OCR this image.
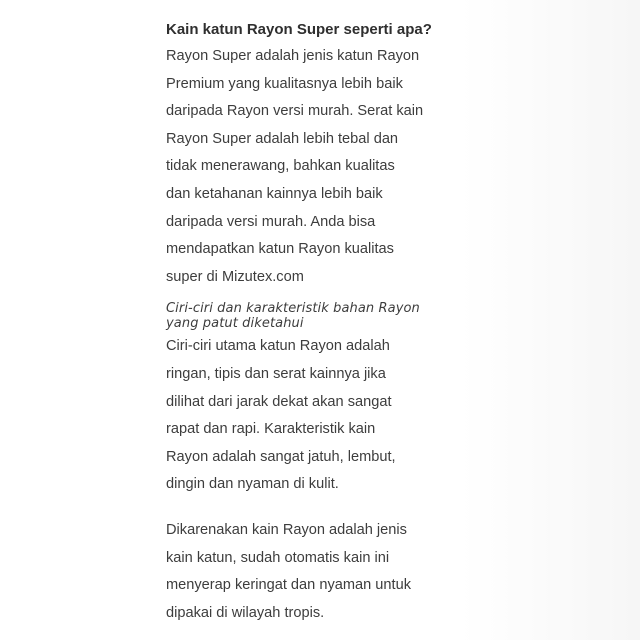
Kain katun Rayon Super seperti apa?

Rayon Super adalah jenis katun Rayon
Premium yang kualitasnya lebih baik
daripada Rayon versi murah. Serat kain
Rayon Super adalah lebih tebal dan
tidak menerawang, bahkan kualitas
dan ketahanan kainnya lebih baik
daripada versi murah. Anda bisa
mendapatkan katun Rayon kualitas
super di Mizutex.com

Ciri-ciri dan karakteristik bahan Rayon
yang patut diketahui

Ciri-ciri utama katun Rayon adalah
ringan, tipis dan serat kainnya jika
dilihat dari jarak dekat akan sangat
rapat dan rapi. Karakteristik kain
Rayon adalah sangat jatuh, lembut,
dingin dan nyaman di kulit.

Dikarenakan kain Rayon adalah jenis
kain katun, sudah otomatis kain ini
menyerap keringat dan nyaman untuk
dipakai di wilayah tropis.
